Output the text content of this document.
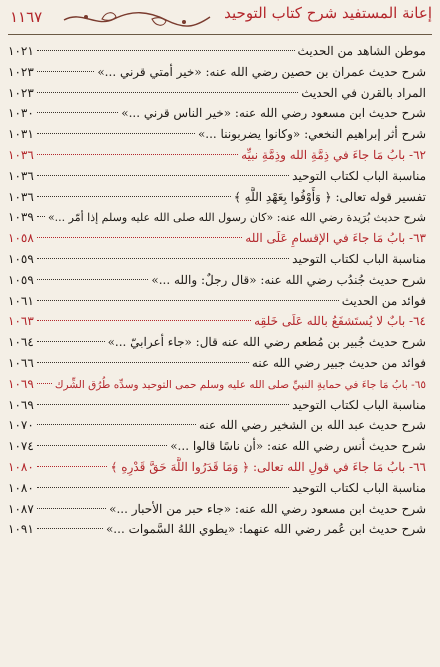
١١٦٧	إعانة المستفيد شرح كتاب التوحيد
موطن الشاهد من الحديث
١٠٢١
شرح حديث عمران بن حصين رضي الله عنه: «خير أمتي قرني ...»
١٠٢٣
المراد بالقرن في الحديث
١٠٢٣
شرح حديث ابن مسعود رضي الله عنه: «خير الناس قرني ...»
١٠٣٠
شرح أثر إبراهيم النخعي: «وكانوا يضربوننا ...»
١٠٣١
٦٢- بابُ مَا جاءَ في ذِمَّةِ الله وذِمَّةِ نبيِّه
١٠٣٦
مناسبة الباب لكتاب التوحيد
١٠٣٦
تفسير قوله تعالى: ﴿ وَأَوْفُوا بِعَهْدِ اللَّهِ ﴾
١٠٣٦
شرح حديث بُرَيدة رضي الله عنه: «كان رسول الله صلى الله عليه وسلم إذا أمّر ...»
١٠٣٩
٦٣- بابُ مَا جاءَ في الإقسامِ عَلَى الله
١٠٥٨
مناسبة الباب لكتاب التوحيد
١٠٥٩
شرح حديث جُندُب رضي الله عنه: «قال رجلٌ: والله ...»
١٠٥٩
فوائد من الحديث
١٠٦١
٦٤- بابٌ لا يُستَشفَعُ بالله عَلَى خَلقِه
١٠٦٣
شرح حديث جُبير بن مُطعم رضي الله عنه قال: «جاء أعرابيّ ...»
١٠٦٤
فوائد من حديث جبير رضي الله عنه
١٠٦٦
٦٥- بابُ مَا جاءَ في حمايةِ النبيِّ صلى الله عليه وسلم حمى التوحيد وسدِّه طُرُق الشِّرك
١٠٦٩
مناسبة الباب لكتاب التوحيد
١٠٦٩
شرح حديث عبد الله بن الشخير رضي الله عنه
١٠٧٠
شرح حديث أنس رضي الله عنه: «أن ناسًا قالوا ...»
١٠٧٤
٦٦- بابُ مَا جاءَ في قولِ الله تعالى: ﴿ وَمَا قَدَرُوا اللَّهَ حَقَّ قَدْرِهِ ﴾
١٠٨٠
مناسبة الباب لكتاب التوحيد
١٠٨٠
شرح حديث ابن مسعود رضي الله عنه: «جاء حبر من الأحبار ...»
١٠٨٧
شرح حديث ابن عُمر رضي الله عنهما: «يطوي اللهُ السَّموات ...»
١٠٩١
